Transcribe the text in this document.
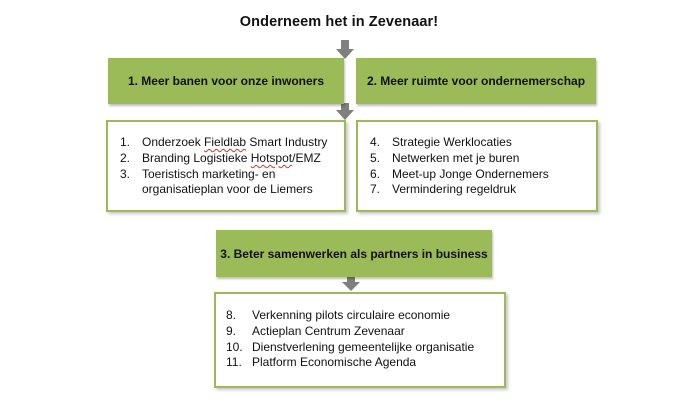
Onderneem het in Zevenaar!
1. Meer banen voor onze inwoners	2. Meer ruimte voor ondernemerschap
1. Onderzoek Fieldlab Smart Industry
2. Branding Logistieke Hotspot/EMZ
3. Toeristisch marketing- en organisatieplan voor de Liemers
4. Strategie Werklocaties
5. Netwerken met je buren
6. Meet-up Jonge Ondernemers
7. Vermindering regeldruk
3. Beter samenwerken als partners in business
8.	Verkenning pilots circulaire economie
9.	Actieplan Centrum Zevenaar
10. Dienstverlening gemeentelijke organisatie
11. Platform Economische Agenda
